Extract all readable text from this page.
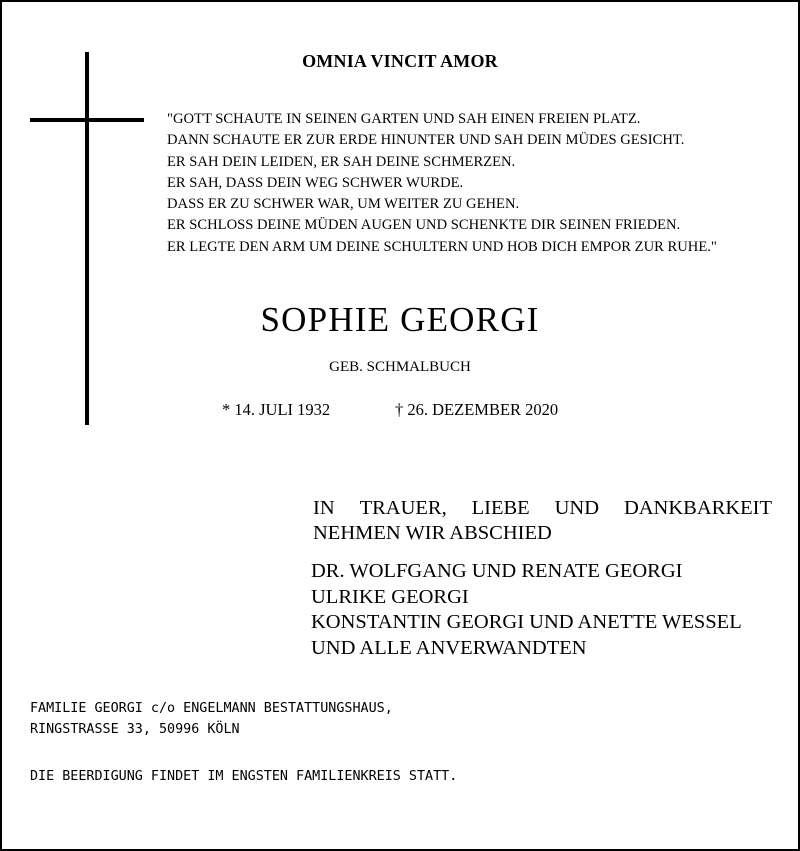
OMNIA VINCIT AMOR
"GOTT SCHAUTE IN SEINEN GARTEN UND SAH EINEN FREIEN PLATZ.
DANN SCHAUTE ER ZUR ERDE HINUNTER UND SAH DEIN MÜDES GESICHT.
ER SAH DEIN LEIDEN, ER SAH DEINE SCHMERZEN.
ER SAH, DASS DEIN WEG SCHWER WURDE.
DASS ER ZU SCHWER WAR, UM WEITER ZU GEHEN.
ER SCHLOSS DEINE MÜDEN AUGEN UND SCHENKTE DIR SEINEN FRIEDEN.
ER LEGTE DEN ARM UM DEINE SCHULTERN UND HOB DICH EMPOR ZUR RUHE."
SOPHIE GEORGI
GEB. SCHMALBUCH
* 14. JULI 1932	† 26. DEZEMBER 2020
IN TRAUER, LIEBE UND DANKBARKEIT
NEHMEN WIR ABSCHIED
DR. WOLFGANG UND RENATE GEORGI
ULRIKE GEORGI
KONSTANTIN GEORGI UND ANETTE WESSEL
UND ALLE ANVERWANDTEN
FAMILIE GEORGI c/o ENGELMANN BESTATTUNGSHAUS,
RINGSTRASSE 33, 50996 KÖLN
DIE BEERDIGUNG FINDET IM ENGSTEN FAMILIENKREIS STATT.
